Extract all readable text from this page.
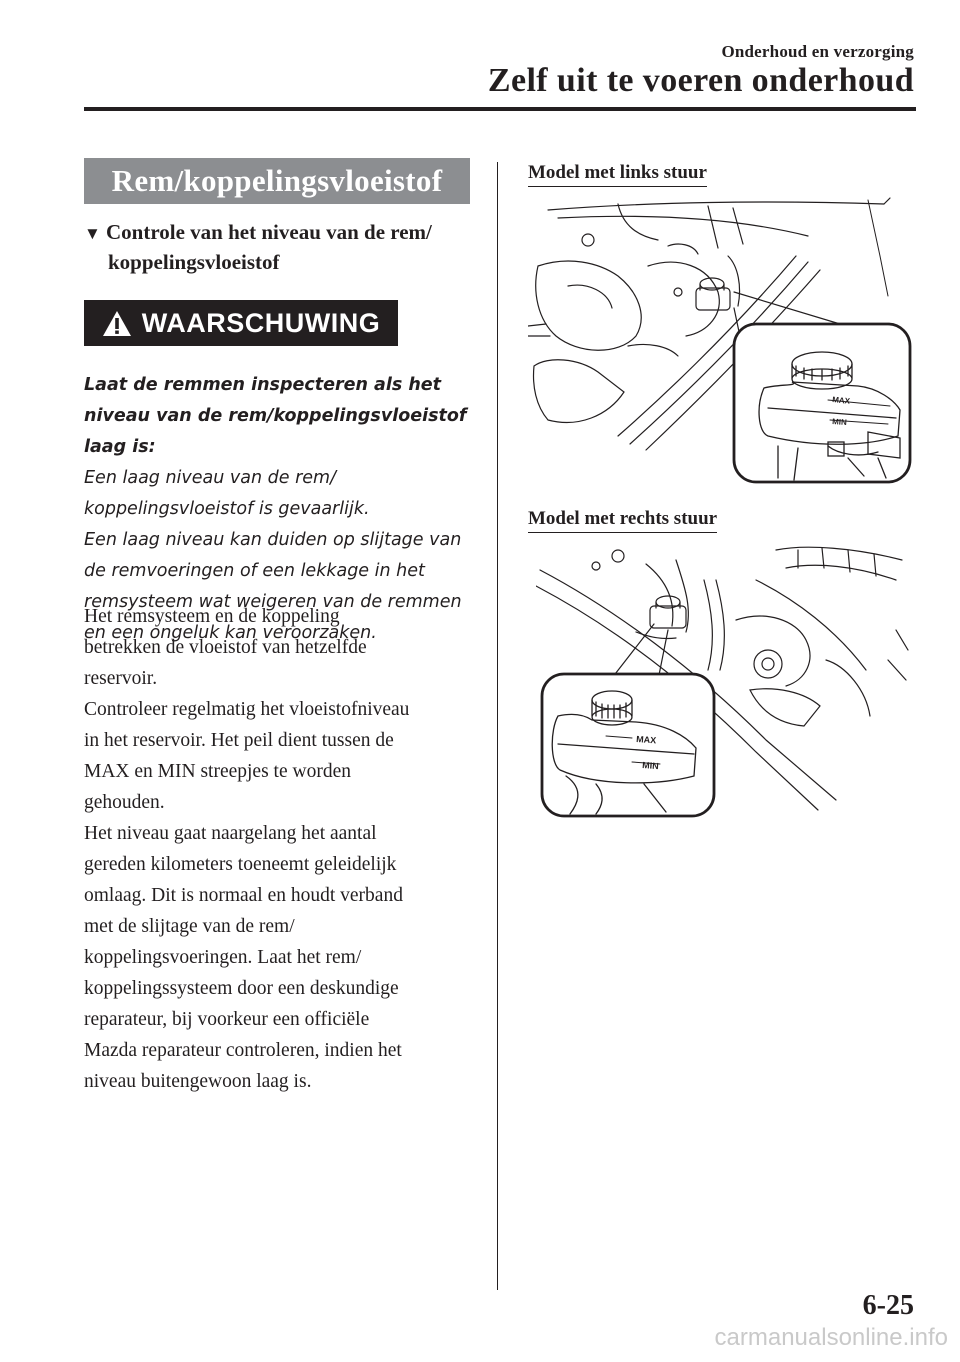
Onderhoud en verzorging
Zelf uit te voeren onderhoud
Rem/koppelingsvloeistof
▼ Controle van het niveau van de rem/
koppelingsvloeistof
WAARSCHUWING

Laat de remmen inspecteren als het niveau van de rem/koppelingsvloeistof laag is:

Een laag niveau van de rem/
koppelingsvloeistof is gevaarlijk.
Een laag niveau kan duiden op slijtage van
de remvoeringen of een lekkage in het
remsysteem wat weigeren van de remmen
en een ongeluk kan veroorzaken.
Het remsysteem en de koppeling
betrekken de vloeistof van hetzelfde
reservoir.
Controleer regelmatig het vloeistofniveau
in het reservoir. Het peil dient tussen de
MAX en MIN streepjes te worden
gehouden.
Het niveau gaat naargelang het aantal
gereden kilometers toeneemt geleidelijk
omlaag. Dit is normaal en houdt verband
met de slijtage van de rem/
koppelingsvoeringen. Laat het rem/
koppelingssysteem door een deskundige
reparateur, bij voorkeur een officiële
Mazda reparateur controleren, indien het
niveau buitengewoon laag is.
Model met links stuur
MAX
MIN
Model met rechts stuur
MAX
MIN
6-25
carmanualsonline.info
